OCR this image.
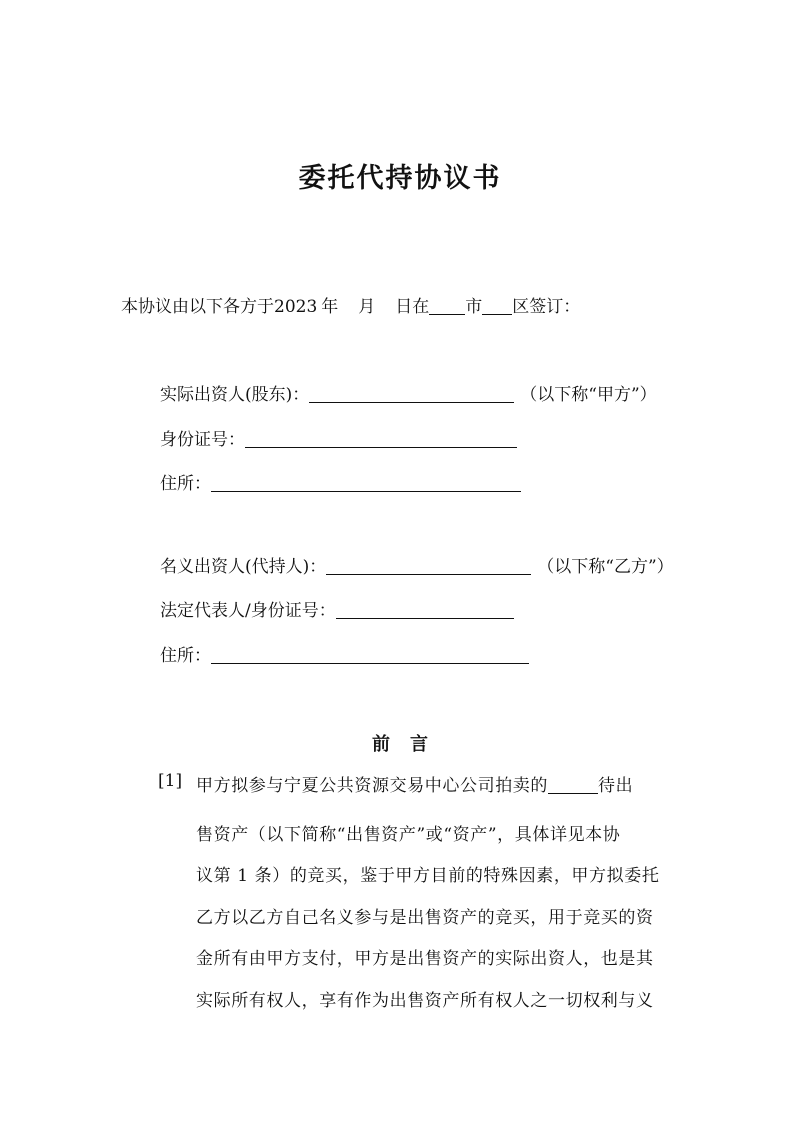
委托代持协议书
本协议由以下各方于2023 年 月 日在 市 区签订：
实际出资人(股东)：	（以下称“甲方”）
身份证号：
住所：
名义出资人(代持人)：	（以下称“乙方”）
法定代表人/身份证号：
住所：
前言
[1] 甲方拟参与宁夏公共资源交易中心公司拍卖的	待出
售资产（以下简称“出售资产”或“资产”，具体详见本协
议第 1 条）的竞买，鉴于甲方目前的特殊因素，甲方拟委托
乙方以乙方自己名义参与是出售资产的竞买，用于竞买的资
金所有由甲方支付，甲方是出售资产的实际出资人，也是其
实际所有权人，享有作为出售资产所有权人之一切权利与义
